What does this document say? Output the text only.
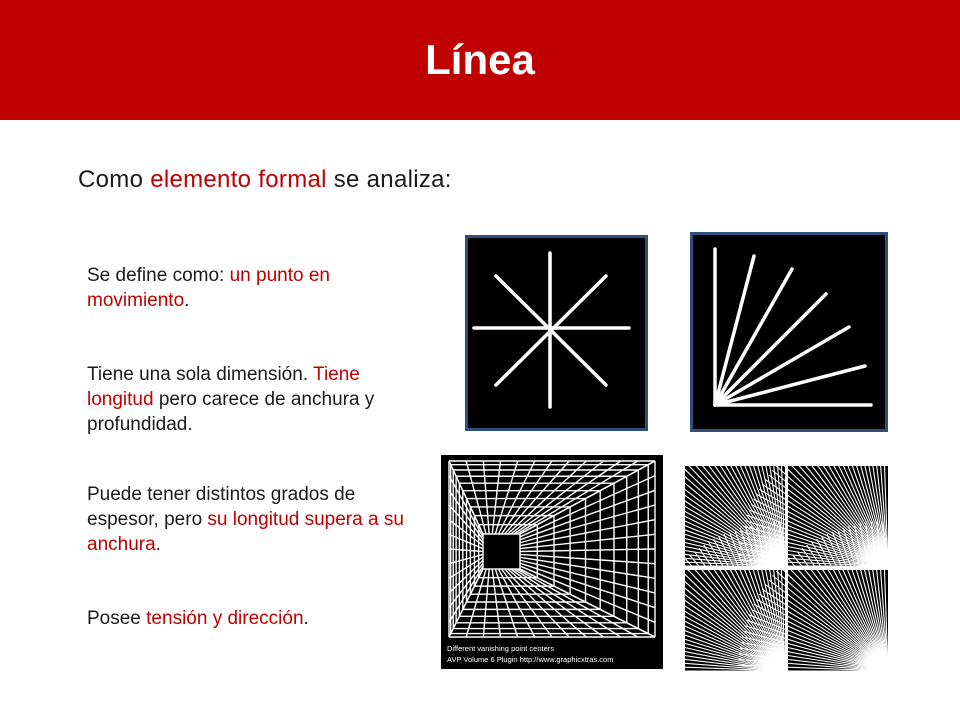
Línea
Como elemento formal se analiza:
Se define como: un punto en movimiento.
Tiene una sola dimensión. Tiene longitud pero carece de anchura y profundidad.
Puede tener distintos grados de espesor, pero su longitud supera a su anchura.
Posee tensión y dirección.
Different vanishing point centers
AVP Volume 6 Plugin http://www.graphicxtras.com
